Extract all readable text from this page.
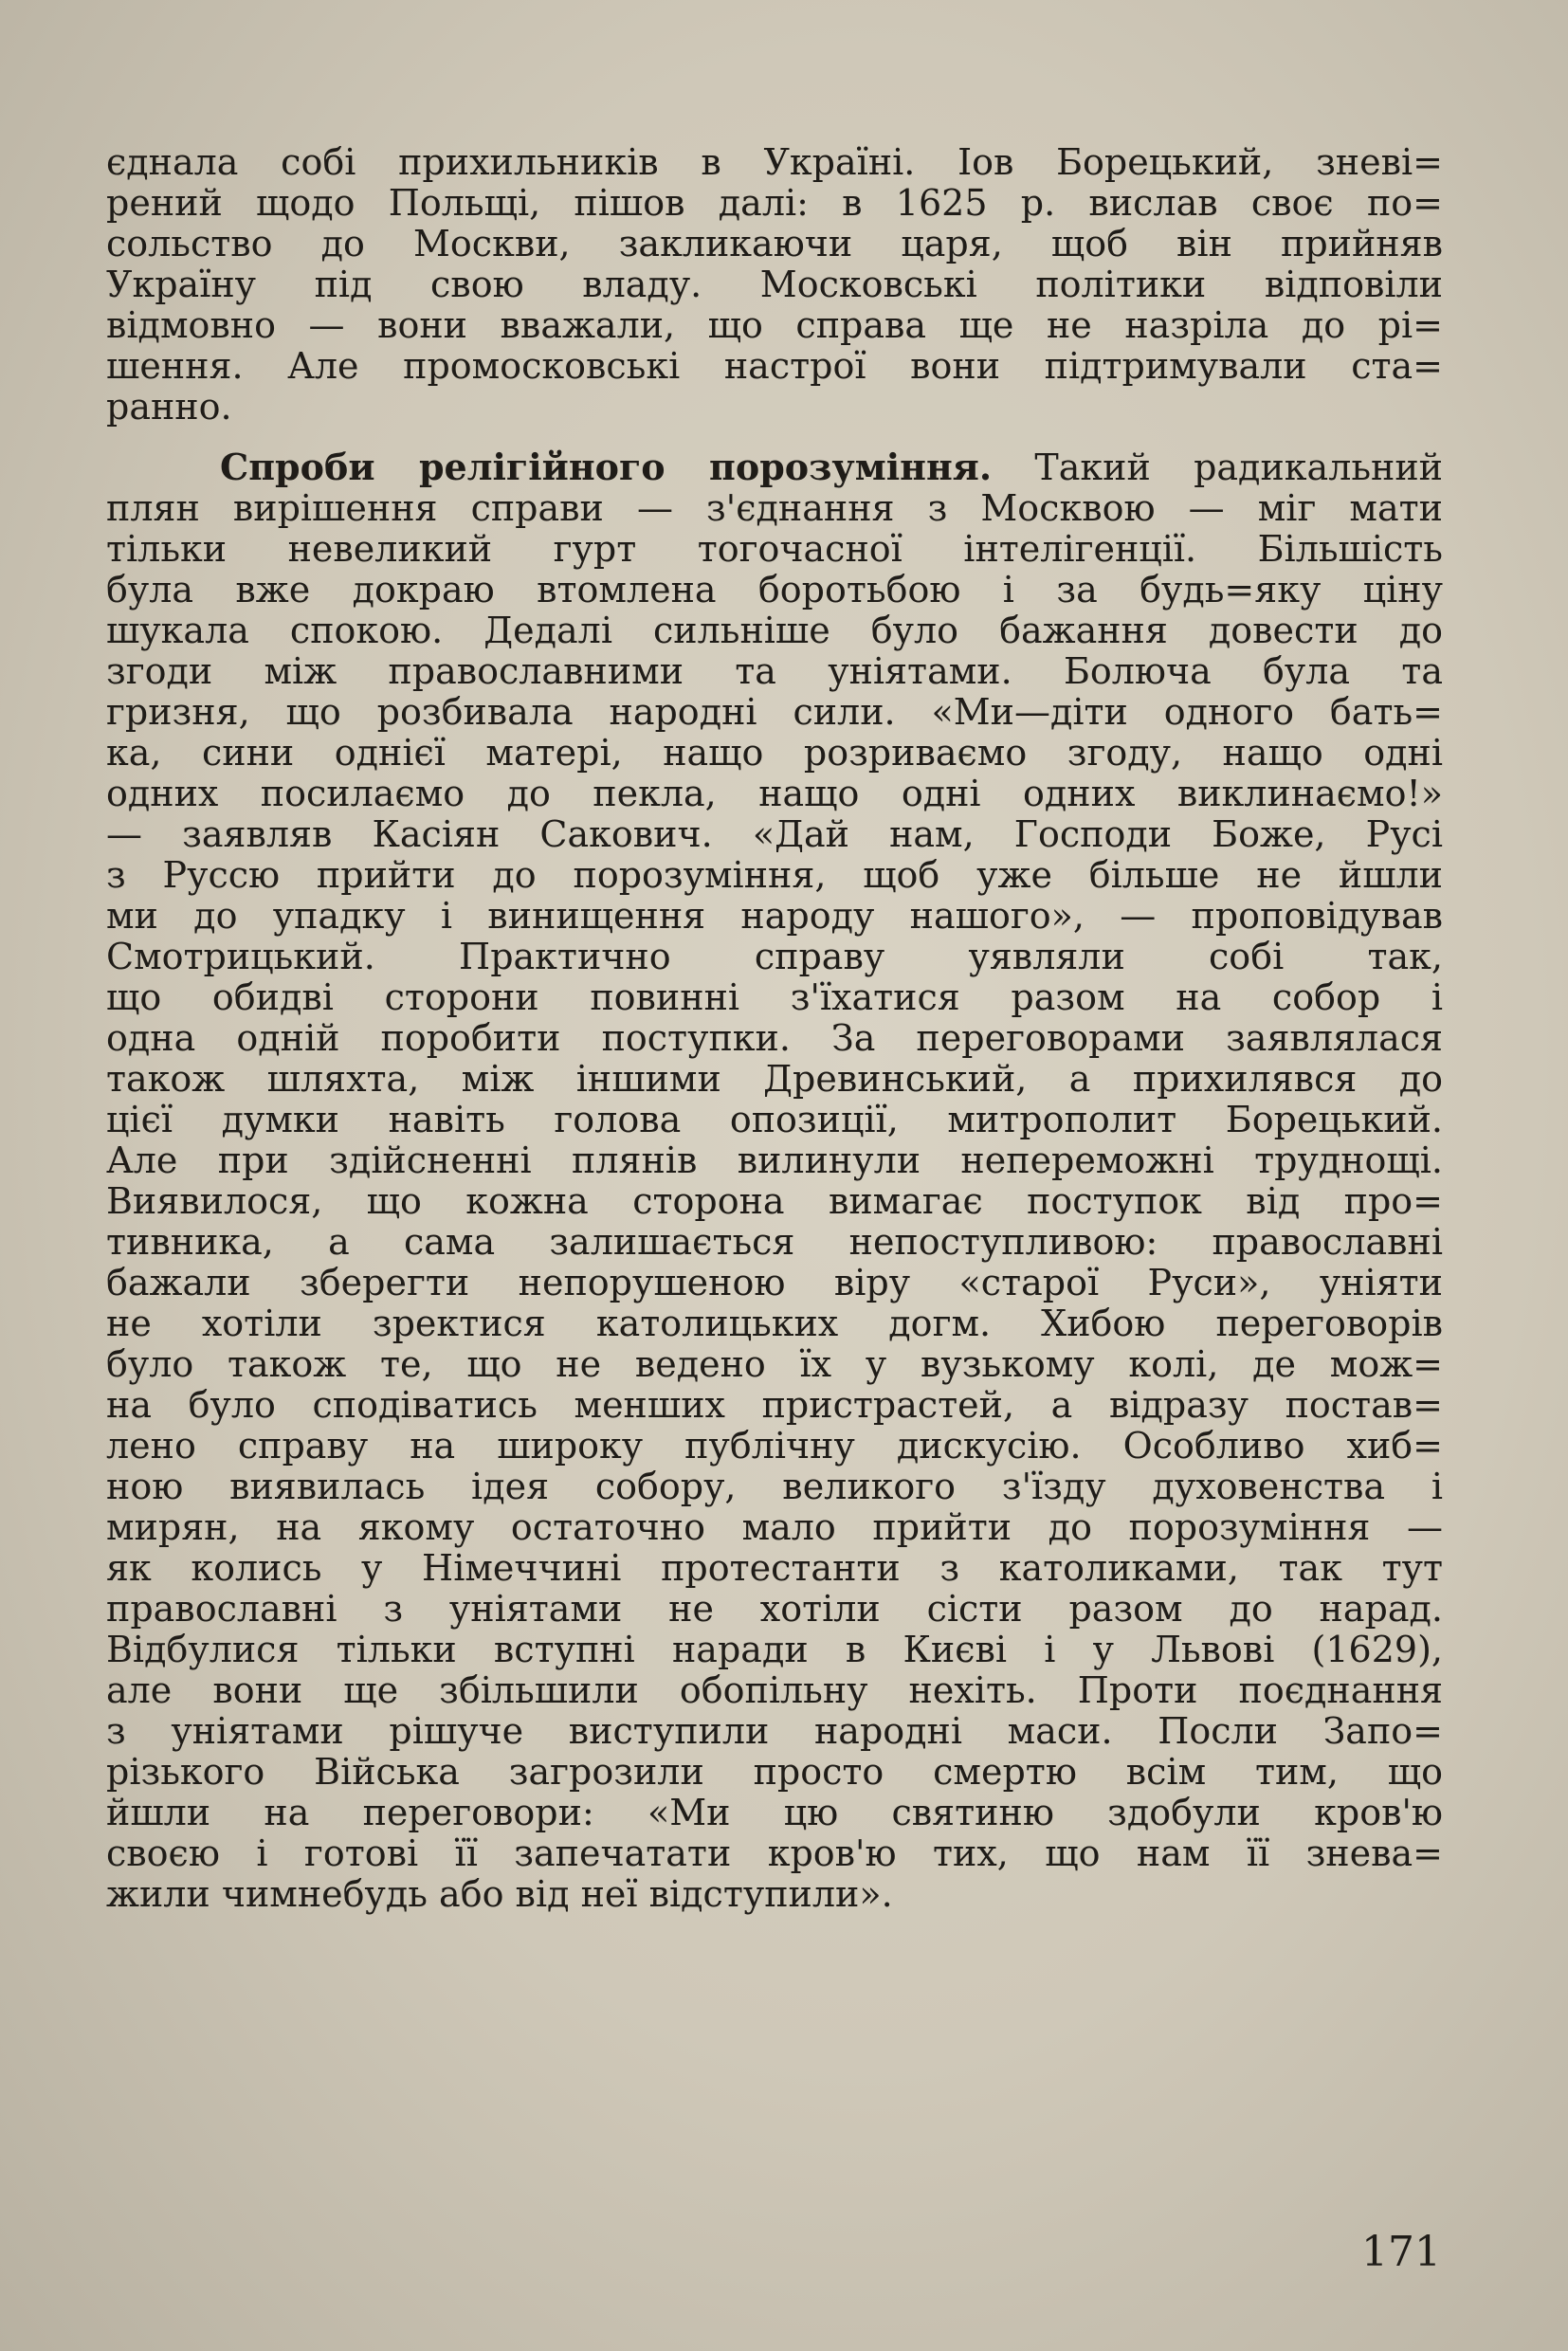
єднала собі прихильників в Україні. Іов Борецький, зневі=
рений щодо Польщі, пішов далі: в 1625 р. вислав своє по=
сольство до Москви, закликаючи царя, щоб він прийняв
Україну під свою владу. Московські політики відповіли
відмовно — вони вважали, що справа ще не назріла до рі=
шення. Але промосковські настрої вони підтримували ста=
ранно.
Спроби релігійного порозуміння. Такий радикальний
плян вирішення справи — з'єднання з Москвою — міг мати
тільки невеликий гурт тогочасної інтелігенції. Більшість
була вже докраю втомлена боротьбою і за будь=яку ціну
шукала спокою. Дедалі сильніше було бажання довести до
згоди між православними та уніятами. Болюча була та
гризня, що розбивала народні сили. «Ми—діти одного бать=
ка, сини однієї матері, нащо розриваємо згоду, нащо одні
одних посилаємо до пекла, нащо одні одних виклинаємо!»
— заявляв Касіян Сакович. «Дай нам, Господи Боже, Русі
з Руссю прийти до порозуміння, щоб уже більше не йшли
ми до упадку і винищення народу нашого», — проповідував
Смотрицький. Практично справу уявляли собі так,
що обидві сторони повинні з'їхатися разом на собор і
одна одній поробити поступки. За переговорами заявлялася
також шляхта, між іншими Древинський, а прихилявся до
цієї думки навіть голова опозиції, митрополит Борецький.
Але при здійсненні плянів вилинули непереможні труднощі.
Виявилося, що кожна сторона вимагає поступок від про=
тивника, а сама залишається непоступливою: православні
бажали зберегти непорушеною віру «старої Руси», уніяти
не хотіли зректися католицьких догм. Хибою переговорів
було також те, що не ведено їх у вузькому колі, де мож=
на було сподіватись менших пристрастей, а відразу постав=
лено справу на широку публічну дискусію. Особливо хиб=
ною виявилась ідея собору, великого з'їзду духовенства і
мирян, на якому остаточно мало прийти до порозуміння —
як колись у Німеччині протестанти з католиками, так тут
православні з уніятами не хотіли сісти разом до нарад.
Відбулися тільки вступні наради в Києві і у Львові (1629),
але вони ще збільшили обопільну нехіть. Проти поєднання
з уніятами рішуче виступили народні маси. Посли Запо=
різького Війська загрозили просто смертю всім тим, що
йшли на переговори: «Ми цю святиню здобули кров'ю
своєю і готові її запечатати кров'ю тих, що нам її знева=
жили чимнебудь або від неї відступили».
171
